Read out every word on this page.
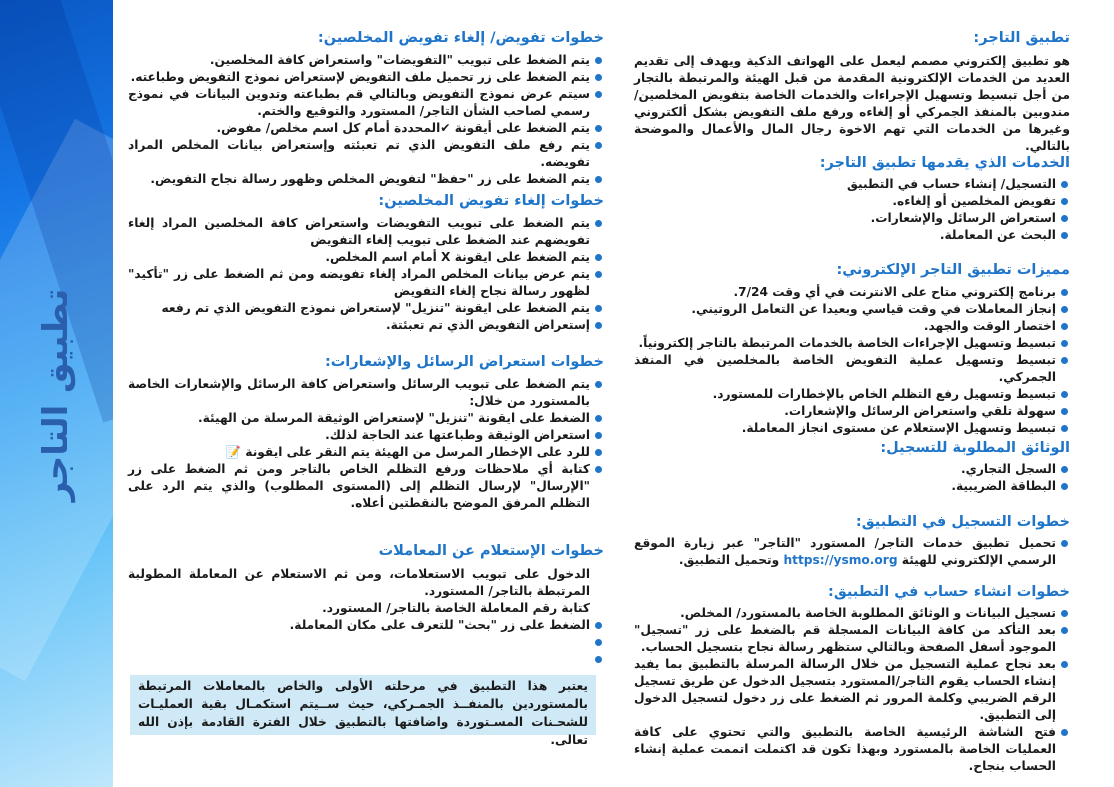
تطبيق التاجر
تطبيق التاجر:

هو تطبيق إلكتروني مصمم ليعمل على الهواتف الذكية ويهدف إلى تقديم العديد من الخدمات الإلكترونية المقدمة من قبل الهيئة والمرتبطة بالتجار من أجل تبسيط وتسهيل الإجراءات والخدمات الخاصة بتفويض المخلصين/مندوبين بالمنفذ الجمركي أو إلغاءه ورفع ملف التفويض بشكل ألكتروني وغيرها من الخدمات التي تهم الاخوة رجال المال والأعمال والموضحة بالتالي.

الخدمات الذي يقدمها تطبيق التاجر:
التسجيل/ إنشاء حساب في التطبيق
تفويض المخلصين أو إلغاءه.
استعراض الرسائل والإشعارات.
البحث عن المعاملة.
مميزات تطبيق التاجر الإلكتروني:
برنامج إلكتروني متاح على الانترنت في أي وقت 7/24.
إنجاز المعاملات في وقت قياسي وبعيدا عن التعامل الروتيني.
اختصار الوقت والجهد.
تبسيط وتسهيل الإجراءات الخاصة بالخدمات المرتبطة بالتاجر إلكترونياً.
تبسيط وتسهيل عملية التفويض الخاصة بالمخلصين في المنفذ الجمركي.
تبسيط وتسهيل رفع التظلم الخاص بالإخطارات للمستورد.
سهولة تلقي واستعراض الرسائل والإشعارات.
تبسيط وتسهيل الإستعلام عن مستوى انجاز المعاملة.
الوثائق المطلوبة للتسجيل:
السجل التجاري.
البطاقة الضريبية.
خطوات التسجيل في التطبيق:
تحميل تطبيق خدمات التاجر/ المستورد "التاجر" عبر زيارة الموقع الرسمي الإلكتروني للهيئة https://ysmo.org وتحميل التطبيق.
خطوات انشاء حساب في التطبيق:
تسجيل البيانات و الوثائق المطلوبة الخاصة بالمستورد/ المخلص.
بعد التأكد من كافة البيانات المسجلة قم بالضغط على زر "تسجيل" الموجود أسفل الصفحة وبالتالي ستظهر رسالة نجاح بتسجيل الحساب.
بعد نجاح عملية التسجيل من خلال الرسالة المرسلة بالتطبيق بما يفيد إنشاء الحساب يقوم التاجر/المستورد بتسجيل الدخول عن طريق تسجيل الرقم الضريبي وكلمة المرور ثم الضغط على زر دخول لتسجيل الدخول إلى التطبيق.
فتح الشاشة الرئيسية الخاصة بالتطبيق والتي تحتوي على كافة العمليات الخاصة بالمستورد وبهذا تكون قد اكتملت اتممت عملية إنشاء الحساب بنجاح.
خطوات تفويض/ إلغاء تفويض المخلصين:
يتم الضغط على تبويب "التفويضات" واستعراض كافة المخلصين.
يتم الضغط على زر تحميل ملف التفويض لإستعراض نموذج التفويض وطباعته.
سيتم عرض نموذج التفويض وبالتالي قم بطباعته وتدوين البيانات في نموذج رسمي لصاحب الشأن التاجر/ المستورد والتوقيع والختم.
يتم الضغط على أيقونة ✔المحددة أمام كل اسم مخلص/ مفوض.
يتم رفع ملف التفويض الذي تم تعبئته وإستعراض بيانات المخلص المراد تفويضه.
يتم الضغط على زر "حفظ" لتفويض المخلص وظهور رسالة نجاح التفويض.
خطوات إلغاء تفويض المخلصين:
يتم الضغط على تبويب التفويضات واستعراض كافة المخلصين المراد إلغاء تفويضهم عند الضغط على تبويب إلغاء التفويض
يتم الضغط على ايقونة X أمام اسم المخلص.
يتم عرض بيانات المخلص المراد إلغاء تفويضه ومن ثم الضغط على زر "تأكيد" لظهور رسالة نجاح إلغاء التفويض
يتم الضغط على ايقونة "تنزيل" لإستعراض نموذج التفويض الذي تم رفعه
إستعراض التفويض الذي تم تعبئتة.
خطوات استعراض الرسائل والإشعارات:
يتم الضغط على تبويب الرسائل واستعراض كافة الرسائل والإشعارات الخاصة بالمستورد من خلال:
الضغط على ايقونة "تنزيل" لإستعراض الوثيقة المرسلة من الهيئة.
استعراض الوثيقة وطباعتها عند الحاجة لذلك.
للرد على الإخطار المرسل من الهيئة يتم النقر على ايقونة 📝
كتابة أي ملاحظات ورفع التظلم الخاص بالتاجر ومن ثم الضغط على زر "الإرسال" لإرسال التظلم إلى (المستوى المطلوب) والذي يتم الرد على التظلم المرفق الموضح بالنقطتين أعلاه.
خطوات الإستعلام عن المعاملات
الدخول على تبويب الاستعلامات، ومن ثم الاستعلام عن المعاملة المطولبة المرتبطة بالتاجر/ المستورد.
كتابة رقم المعاملة الخاصة بالتاجر/ المستورد.
الضغط على زر "بحث" للتعرف على مكان المعاملة.
يعتبر هذا التطبيق في مرحلته الأولى والخاص بالمعاملات المرتبطة بالمستوردين بالمنفــذ الجمـركي، حيث ســيتم استكمـال بقية العمليـات للشحـنات المسـتوردة واضافتها بالتطبيق خلال الفترة القادمة بإذن الله تعالى.
